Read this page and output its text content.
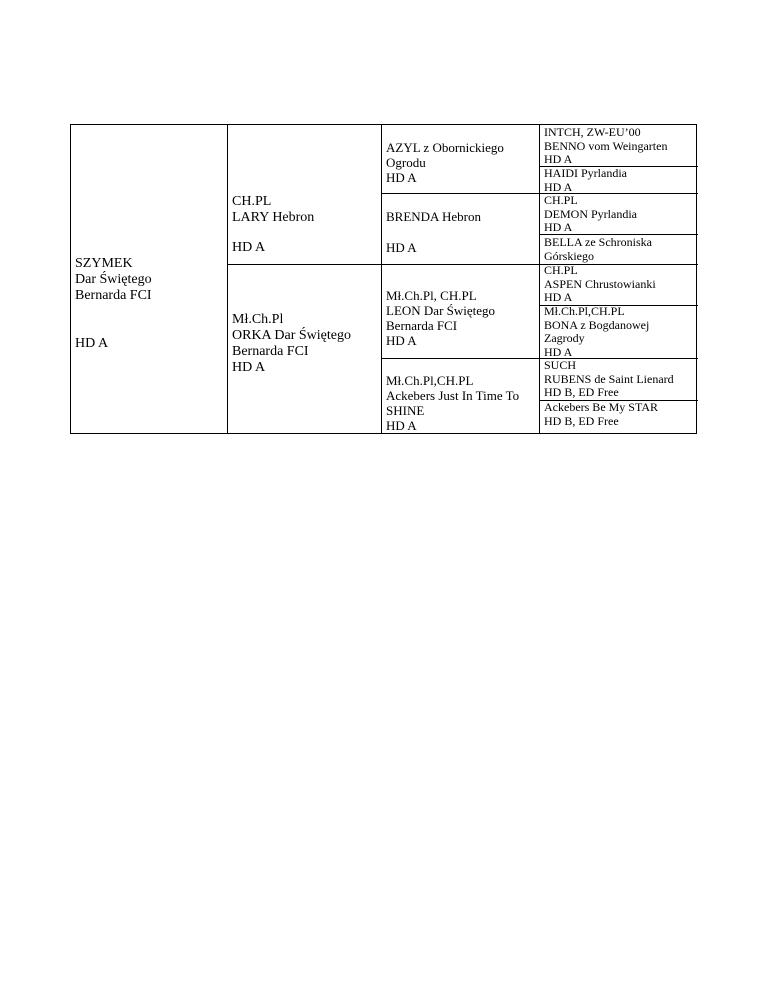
SZYMEK
Dar Świętego
Bernarda FCI
HD A
CH.PL
LARY Hebron
HD A
Mł.Ch.Pl
ORKA Dar Świętego
Bernarda FCI
HD A
AZYL z Obornickiego
Ogrodu
HD A
BRENDA Hebron
HD A
Mł.Ch.Pl, CH.PL
LEON Dar Świętego
Bernarda FCI
HD A
Mł.Ch.Pl,CH.PL
Ackebers Just In Time To
SHINE
HD A
INTCH, ZW-EU’00
BENNO vom Weingarten
HD A
HAIDI Pyrlandia
HD A
CH.PL
DEMON Pyrlandia
HD A
BELLA ze Schroniska
Górskiego
CH.PL
ASPEN Chrustowianki
HD A
Mł.Ch.Pl,CH.PL
BONA z Bogdanowej
Zagrody
HD A
SUCH
RUBENS de Saint Lienard
HD B, ED Free
Ackebers Be My STAR
HD B, ED Free
